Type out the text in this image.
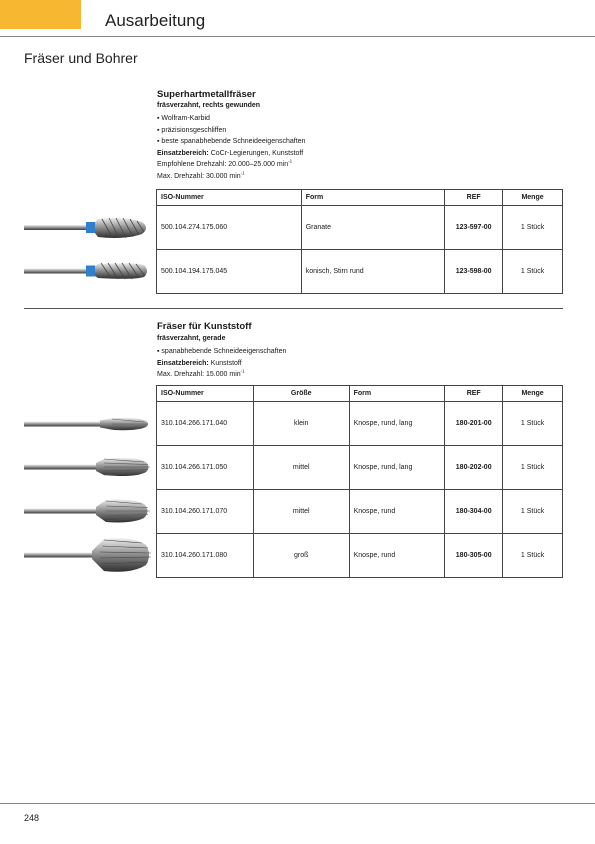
Ausarbeitung
Fräser und Bohrer
Superhartmetallfräser
fräsverzahnt, rechts gewunden
▪ Wolfram-Karbid
▪ präzisionsgeschliffen
▪ beste spanabhebende Schneideeigenschaften
Einsatzbereich: CoCr-Legierungen, Kunststoff
Empfohlene Drehzahl: 20.000–25.000 $\min^{-1}$
Max. Drehzahl: 30.000 $\min^{-1}$
ISO-Nummer	Form	REF	Menge
500.104.274.175.060	Granate	123-597-00	1 Stück
500.104.194.175.045	konisch, Stirn rund	123-598-00	1 Stück
Fräser für Kunststoff
fräsverzahnt, gerade
▪ spanabhebende Schneideeigenschaften
Einsatzbereich: Kunststoff
Max. Drehzahl: 15.000 $\min^{-1}$
ISO-Nummer	Größe	Form	REF	Menge
310.104.266.171.040	klein	Knospe, rund, lang	180-201-00	1 Stück
310.104.266.171.050	mittel	Knospe, rund, lang	180-202-00	1 Stück
310.104.260.171.070	mittel	Knospe, rund	180-304-00	1 Stück
310.104.260.171.080	groß	Knospe, rund	180-305-00	1 Stück
248
